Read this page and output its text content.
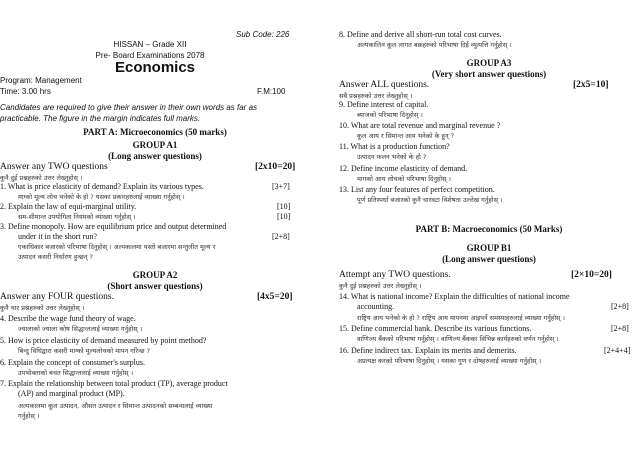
Sub Code: 226
HISSAN – Grade XII
Pre- Board Examinations 2078
Economics
Program: Management
Time: 3.00 hrs	F.M:100
Candidates are required to give their answer in their own words as far as
practicable. The figure in the margin indicates full marks.
PART A: Microeconomics (50 marks)
GROUP A1
(Long answer questions)
Answer any TWO questions	[2x10=20]
कुनै दुई प्रश्नहरुको उत्तर लेख्नुहोस् ।
1. What is price elasticity of demand? Explain its various types.	[3+7]
माग्को मूल्य लोच भनेको के हो ? यसका प्रकारहरुलाई व्याख्या गर्नुहोस् ।
2. Explain the law of equi-marginal utility.	[10]
सम-सीमान्त उपयोगिता नियमको व्याख्या गर्नुहोस् ।	[10]
3. Define monopoly. How are equilibrium price and output determined
under it in the short run?	[2+8]
एकाधिकार बजारको परिभाषा दिनुहोस् । अल्पकालमा यस्तो बजारमा सन्तुलीत मूल्य र
उत्पादन कसरी निर्धारण हुन्छन् ?
GROUP A2
(Short answer questions)
Answer any FOUR questions.	[4x5=20]
कुनै चार प्रश्नहरुको उत्तर लेख्नुहोस् ।
4. Describe the wage fund theory of wage.
ज्यालाको ज्याला कोष सिद्धान्तलाई व्याख्या गर्नुहोस् ।
5. How is price elasticity of demand measured by point method?
बिन्दु विधिद्वारा कसरी माग्को मूल्यलोचको मापन गरिन्छ ?
6. Explain the concept of consumer's surplus.
उपभोक्ताको बचत सिद्धान्तलाई व्याख्या गर्नुहोस् ।
7. Explain the relationship between total product (TP), average product
(AP) and marginal product (MP).
अल्पकालमा कूल उत्पादन, औसत उत्पादन र सिमान्त उत्पादनको सम्बन्धलाई व्याख्या
गर्नुहोस् ।
8. Define and derive all short-run total cost curves.
अल्पकालिन कूल लागत बक्रहरुको परिभाषा दिई व्युत्पत्ति गर्नुहोस् ।
GROUP A3
(Very short answer questions)
Answer ALL questions.	[2x5=10]
सबै प्रश्नहरुको उत्तर लेख्नुहोस् ।
9. Define interest of capital.
ब्याजको परिभाषा दिनुहोस् ।
10. What are total revenue and marginal revenue ?
कूल आय र सिमान्त आय भनेको के हुन् ?
11. What is a production function?
उत्पादन फलन भनेको के हो ?
12. Define income elasticity of demand.
मागको आय लोचको परिभाषा दिनुहोस् ।
13. List any four features of perfect competition.
पूर्ण प्रतिस्पर्धा बजारको कुनै चारवटा विशेषता उल्लेख गर्नुहोस् ।
PART B: Macroeconomics (50 Marks)
GROUP B1
(Long answer questions)
Attempt any TWO questions.	[2×10=20]
कुनै दुई प्रश्नहरुको उत्तर लेख्नुहोस् ।
14. What is national income? Explain the difficulties of national income
accounting.	[2+8]
राष्ट्रिय आय भनेको के हो ? राष्ट्रिय आय मापनमा आइपर्ने समस्याहरुलाई व्याख्या गर्नुहोस् ।
15. Define commercial bank. Describe its various functions.	[2+8]
वाणिज्य बैंकको परिभाषा गर्नुहोस् । वाणिज्य बैंकका विभिन्न कार्यहरुको वर्णन गर्नुहोस् ।
16. Define indirect tax. Explain its merits and demerits.	[2+4+4]
अप्रत्यक्ष करको परिभाषा दिनुहोस् । यसका गुण र दोषहरुलाई व्याख्या गर्नुहोस् ।
